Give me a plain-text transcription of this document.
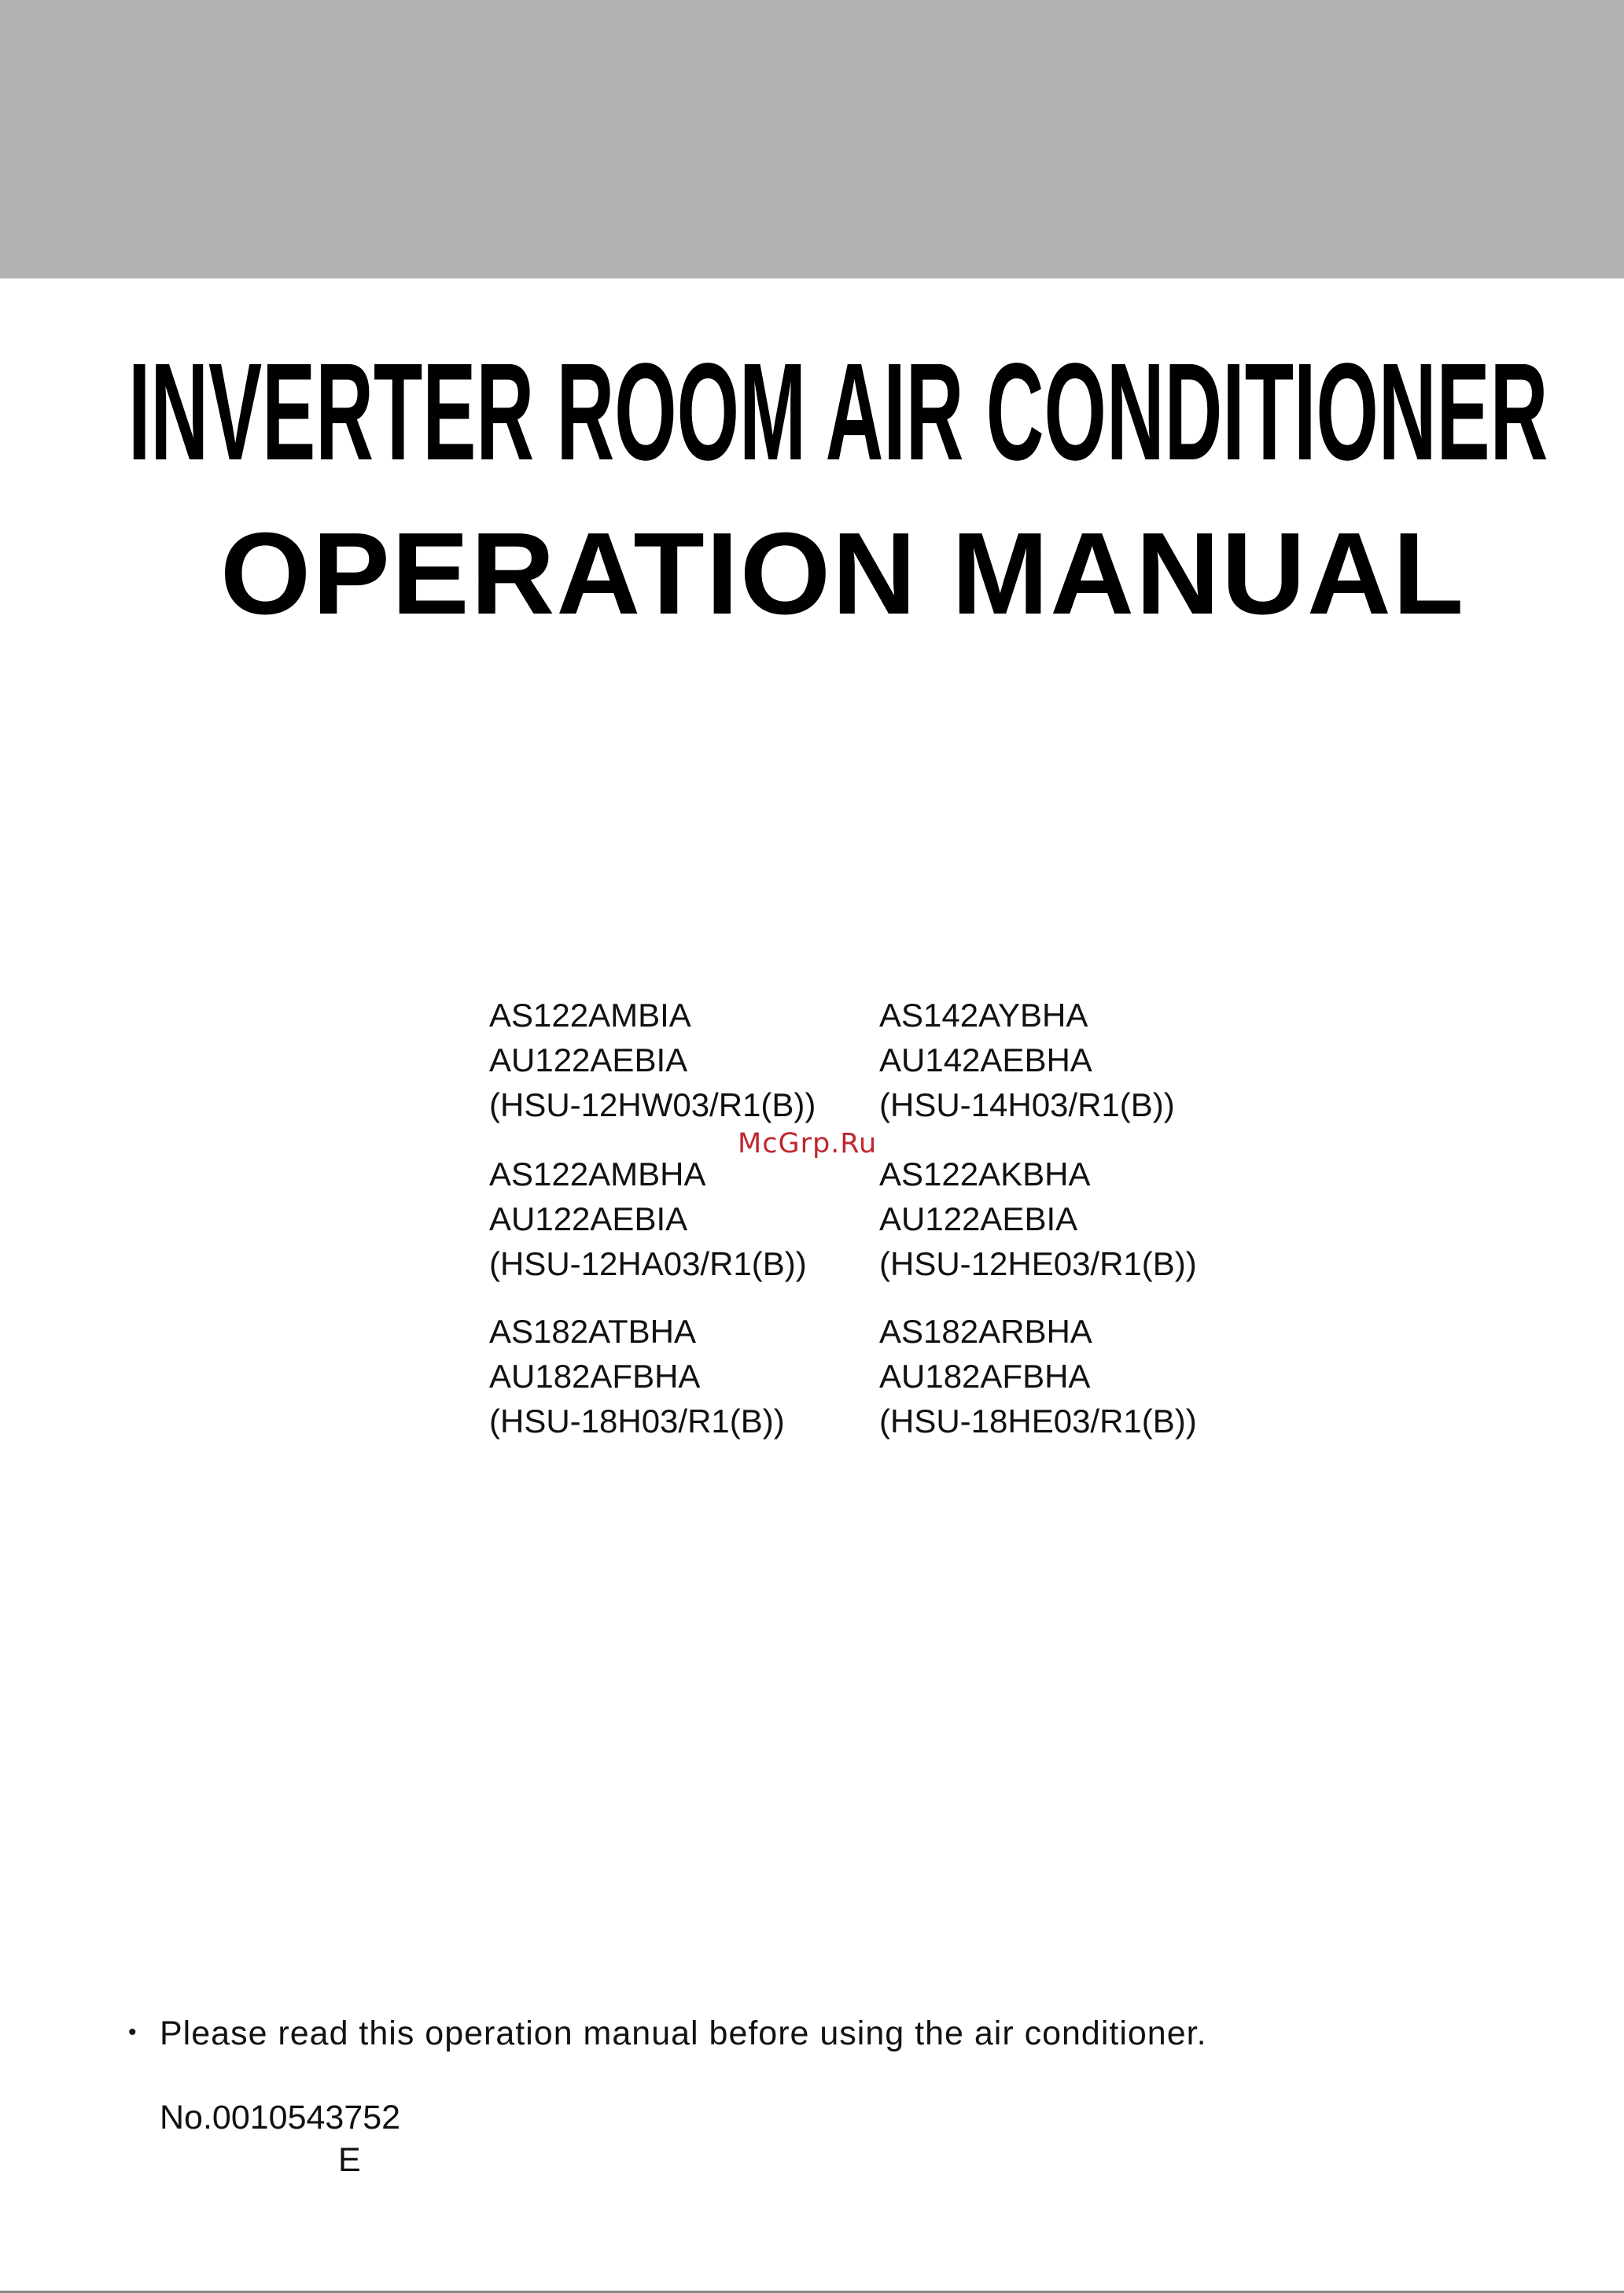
INVERTER ROOM AIR CONDITIONER
OPERATION MANUAL
AS122AMBIA
AU122AEBIA
(HSU-12HW03/R1(B))
AS122AMBHA
AU122AEBIA
(HSU-12HA03/R1(B))
AS182ATBHA
AU182AFBHA
(HSU-18H03/R1(B))
AS142AYBHA
AU142AEBHA
(HSU-14H03/R1(B))
AS122AKBHA
AU122AEBIA
(HSU-12HE03/R1(B))
AS182ARBHA
AU182AFBHA
(HSU-18HE03/R1(B))
McGrp.Ru
• Please read this operation manual before using the air conditioner.
No.0010543752
E
